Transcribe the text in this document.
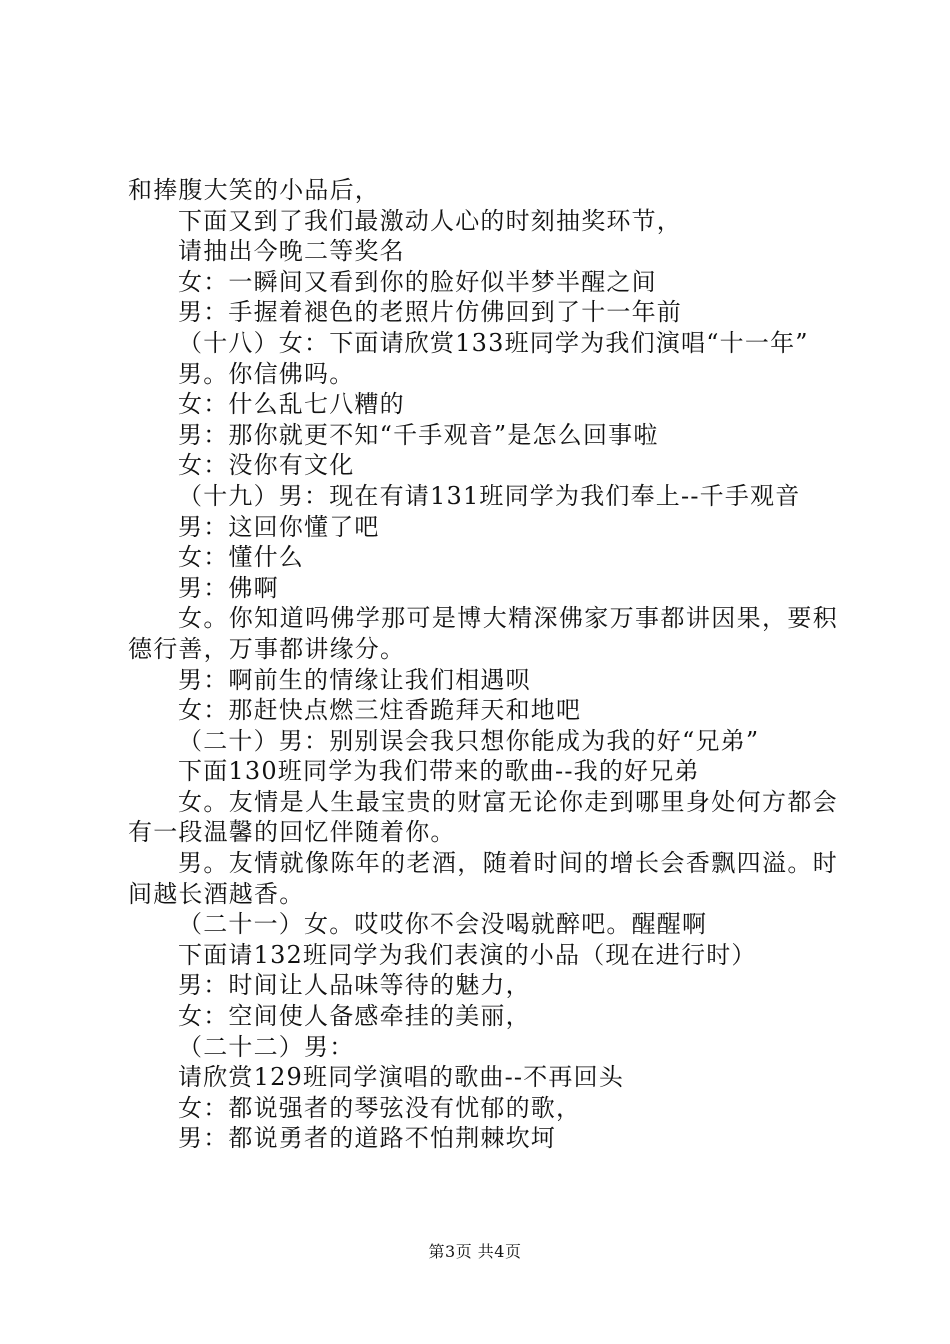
和捧腹大笑的小品后，

下面又到了我们最激动人心的时刻抽奖环节，

请抽出今晚二等奖名

女：一瞬间又看到你的脸好似半梦半醒之间

男：手握着褪色的老照片仿佛回到了十一年前

（十八）女：下面请欣赏133班同学为我们演唱“十一年”

男。你信佛吗。

女：什么乱七八糟的

男：那你就更不知“千手观音”是怎么回事啦

女：没你有文化

（十九）男：现在有请131班同学为我们奉上--千手观音

男：这回你懂了吧

女：懂什么

男：佛啊

女。你知道吗佛学那可是博大精深佛家万事都讲因果，要积德行善，万事都讲缘分。

男：啊前生的情缘让我们相遇呗

女：那赶快点燃三炷香跪拜天和地吧

（二十）男：别别误会我只想你能成为我的好“兄弟”

下面130班同学为我们带来的歌曲--我的好兄弟

女。友情是人生最宝贵的财富无论你走到哪里身处何方都会有一段温馨的回忆伴随着你。

男。友情就像陈年的老酒，随着时间的增长会香飘四溢。时间越长酒越香。

（二十一）女。哎哎你不会没喝就醉吧。醒醒啊

下面请132班同学为我们表演的小品（现在进行时）

男：时间让人品味等待的魅力，

女：空间使人备感牵挂的美丽，

（二十二）男：

请欣赏129班同学演唱的歌曲--不再回头

女：都说强者的琴弦没有忧郁的歌，

男：都说勇者的道路不怕荆棘坎坷

第3页 共4页
